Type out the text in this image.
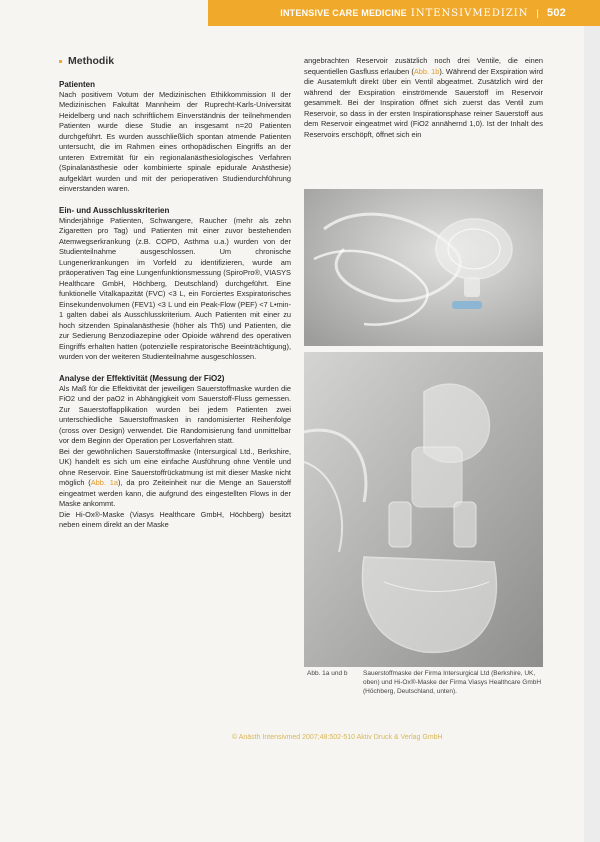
INTENSIVE CARE MEDICINE INTENSIVMEDIZIN | 502
Methodik
Patienten

Nach positivem Votum der Medizinischen Ethikkommission II der Medizinischen Fakultät Mannheim der Ruprecht-Karls-Universität Heidelberg und nach schriftlichem Einverständnis der teilnehmenden Patienten wurde diese Studie an insgesamt n=20 Patienten durchgeführt. Es wurden ausschließlich spontan atmende Patienten untersucht, die im Rahmen eines orthopädischen Eingriffs an der unteren Extremität für ein regionalanästhesiologisches Verfahren (Spinalanästhesie oder kombinierte spinale epidurale Anästhesie) aufgeklärt wurden und mit der perioperativen Studiendurchführung einverstanden waren.

Ein- und Ausschlusskriterien

Minderjährige Patienten, Schwangere, Raucher (mehr als zehn Zigaretten pro Tag) und Patienten mit einer zuvor bestehenden Atemwegserkrankung (z.B. COPD, Asthma u.a.) wurden von der Studienteilnahme ausgeschlossen. Um chronische Lungenerkrankungen im Vorfeld zu identifizieren, wurde am präoperativen Tag eine Lungenfunktionsmessung (SpiroPro®, VIASYS Healthcare GmbH, Höchberg, Deutschland) durchgeführt. Eine funktionelle Vitalkapazität (FVC) <3 L, ein Forciertes Exspiratorisches Einsekundenvolumen (FEV1) <3 L und ein Peak-Flow (PEF) <7 L•min-1 galten dabei als Ausschlusskriterium. Auch Patienten mit einer zu hoch sitzenden Spinalanästhesie (höher als Th5) und Patienten, die zur Sedierung Benzodiazepine oder Opioide während des operativen Eingriffs erhalten hatten (potenzielle respiratorische Beeinträchtigung), wurden von der weiteren Studienteilnahme ausgeschlossen.

Analyse der Effektivität (Messung der FiO2)

Als Maß für die Effektivität der jeweiligen Sauerstoffmaske wurden die FiO2 und der paO2 in Abhängigkeit vom Sauerstoff-Fluss gemessen. Zur Sauerstoffapplikation wurden bei jedem Patienten zwei unterschiedliche Sauerstoffmasken in randomisierter Reihenfolge (cross over Design) verwendet. Die Randomisierung fand unmittelbar vor dem Beginn der Operation per Losverfahren statt.

Bei der gewöhnlichen Sauerstoffmaske (Intersurgical Ltd., Berkshire, UK) handelt es sich um eine einfache Ausführung ohne Ventile und ohne Reservoir. Eine Sauerstoffrückatmung ist mit dieser Maske nicht möglich (Abb. 1a), da pro Zeiteinheit nur die Menge an Sauerstoff eingeatmet werden kann, die aufgrund des eingestellten Flows in der Maske ankommt.

Die Hi-Ox®-Maske (Viasys Healthcare GmbH, Höchberg) besitzt neben einem direkt an der Maske

angebrachten Reservoir zusätzlich noch drei Ventile, die einen sequentiellen Gasfluss erlauben (Abb. 1b). Während der Exspiration wird die Ausatemluft direkt über ein Ventil abgeatmet. Zusätzlich wird der während der Exspiration einströmende Sauerstoff im Reservoir gesammelt. Bei der Inspiration öffnet sich zuerst das Ventil zum Reservoir, so dass in der ersten Inspirationsphase reiner Sauerstoff aus dem Reservoir eingeatmet wird (FiO2 annähernd 1,0). Ist der Inhalt des Reservoirs erschöpft, öffnet sich ein

Abb. 1a und b	Sauerstoffmaske der Firma Intersurgical Ltd (Berkshire, UK, oben) und Hi-Ox®-Maske der Firma Viasys Healthcare GmbH (Höchberg, Deutschland, unten).
© Anästh Intensivmed 2007;48:502-510 Aktiv Druck & Verlag GmbH
